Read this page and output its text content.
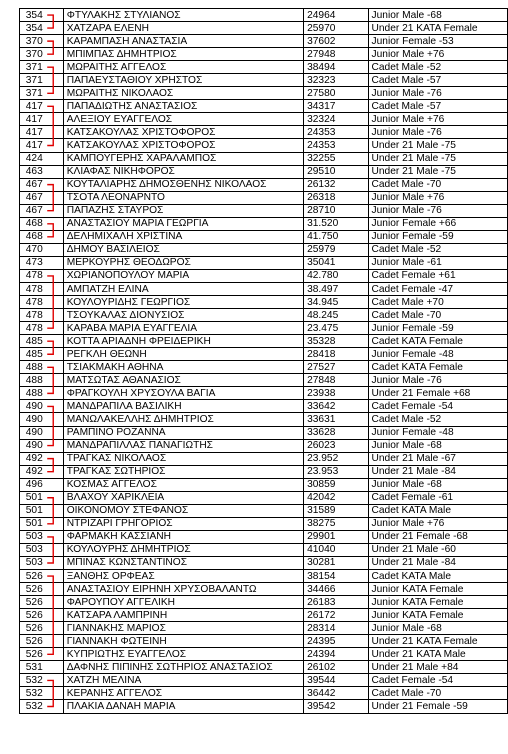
354	ΦΤΥΛΑΚΗΣ ΣΤΥΛΙΑΝΟΣ	24964	Junior Male -68
354	ΧΑΤΖΑΡΑ ΕΛΕΝΗ	25970	Under 21 KATA Female
370	ΚΑΡΑΜΠΑΣΗ ΑΝΑΣΤΑΣΙΑ	37602	Junior Female -53
370	ΜΠΙΜΠΑΣ ΔΗΜΗΤΡΙΟΣ	27948	Junior Male +76
371	ΜΩΡΑΙΤΗΣ ΑΓΓΕΛΟΣ	38494	Cadet Male -52
371	ΠΑΠΑΕΥΣΤΑΘΙΟΥ ΧΡΗΣΤΟΣ	32323	Cadet Male -57
371	ΜΩΡΑΙΤΗΣ ΝΙΚΟΛΑΟΣ	27580	Junior Male -76
417	ΠΑΠΑΔΙΩΤΗΣ ΑΝΑΣΤΑΣΙΟΣ	34317	Cadet Male -57
417	ΑΛΕΞΙΟΥ ΕΥΑΓΓΕΛΟΣ	32324	Junior Male +76
417	ΚΑΤΣΑΚΟΥΛΑΣ ΧΡΙΣΤΟΦΟΡΟΣ	24353	Junior Male -76
417	ΚΑΤΣΑΚΟΥΛΑΣ ΧΡΙΣΤΟΦΟΡΟΣ	24353	Under 21 Male -75
424	ΚΑΜΠΟΥΓΕΡΗΣ ΧΑΡΑΛΑΜΠΟΣ	32255	Under 21 Male -75
463	ΚΛΙΑΦΑΣ ΝΙΚΗΦΟΡΟΣ	29510	Under 21 Male -75
467	ΚΟΥΤΑΛΙΑΡΗΣ ΔΗΜΟΣΘΕΝΗΣ ΝΙΚΟΛΑΟΣ	26132	Cadet Male -70
467	ΤΣΟΤΑ ΛΕΟΝΑΡΝΤΟ	26318	Junior Male +76
467	ΠΑΠΑΖΗΣ ΣΤΑΥΡΟΣ	28710	Junior Male -76
468	ΑΝΑΣΤΑΣΙΟΥ ΜΑΡΙΑ ΓΕΩΡΓΙΑ	31.520	Junior Female +66
468	ΔΕΛΗΜΙΧΑΛΗ ΧΡΙΣΤΙΝΑ	41.750	Junior Female -59
470	ΔΗΜΟΥ ΒΑΣΙΛΕΙΟΣ	25979	Cadet Male -52
473	ΜΕΡΚΟΥΡΗΣ ΘΕΟΔΩΡΟΣ	35041	Junior Male -61
478	ΧΩΡΙΑΝΟΠΟΥΛΟΥ ΜΑΡΙΑ	42.780	Cadet Female +61
478	ΑΜΠΑΤΖΗ ΕΛΙΝΑ	38.497	Cadet Female -47
478	ΚΟΥΛΟΥΡΙΔΗΣ ΓΕΩΡΓΙΟΣ	34.945	Cadet Male +70
478	ΤΣΟΥΚΑΛΑΣ ΔΙΟΝΥΣΙΟΣ	48.245	Cadet Male -70
478	ΚΑΡΑΒΑ ΜΑΡΙΑ ΕΥΑΓΓΕΛΙΑ	23.475	Junior Female -59
485	ΚΟΤΤΑ ΑΡΙΑΔΝΗ ΦΡΕΙΔΕΡΙΚΗ	35328	Cadet KATA Female
485	ΡΕΓΚΛΗ ΘΕΩΝΗ	28418	Junior Female -48
488	ΤΣΙΑΚΜΑΚΗ ΑΘΗΝΑ	27527	Cadet KATA Female
488	ΜΑΤΣΩΤΑΣ ΑΘΑΝΑΣΙΟΣ	27848	Junior Male -76
488	ΦΡΑΓΚΟΥΛΗ ΧΡΥΣΟΥΛΑ ΒΑΓΙΑ	23938	Under 21 Female +68
490	ΜΑΝΔΡΑΠΙΛΑ ΒΑΣΙΛΙΚΗ	33642	Cadet Female -54
490	ΜΑΝΩΛΑΚΕΛΛΗΣ ΔΗΜΗΤΡΙΟΣ	33631	Cadet Male -52
490	ΡΑΜΠΙΝΟ ΡΟΖΑΝΝΑ	33628	Junior Female -48
490	ΜΑΝΔΡΑΠΙΛΛΑΣ ΠΑΝΑΓΙΩΤΗΣ	26023	Junior Male -68
492	ΤΡΑΓΚΑΣ ΝΙΚΟΛΑΟΣ	23.952	Under 21 Male -67
492	ΤΡΑΓΚΑΣ ΣΩΤΗΡΙΟΣ	23.953	Under 21 Male -84
496	ΚΟΣΜΑΣ ΑΓΓΕΛΟΣ	30859	Junior Male -68
501	ΒΛΑΧΟΥ ΧΑΡΙΚΛΕΙΑ	42042	Cadet Female -61
501	ΟΙΚΟΝΟΜΟΥ ΣΤΕΦΑΝΟΣ	31589	Cadet KATA Male
501	ΝΤΡΙΖΑΡΙ ΓΡΗΓΟΡΙΟΣ	38275	Junior Male +76
503	ΦΑΡΜΑΚΗ ΚΑΣΣΙΑΝΗ	29901	Under 21 Female -68
503	ΚΟΥΛΟΥΡΗΣ ΔΗΜΗΤΡΙΟΣ	41040	Under 21 Male -60
503	ΜΠΙΝΑΣ ΚΩΝΣΤΑΝΤΙΝΟΣ	30281	Under 21 Male -84
526	ΞΑΝΘΗΣ ΟΡΦΕΑΣ	38154	Cadet KATA Male
526	ΑΝΑΣΤΑΣΙΟΥ ΕΙΡΗΝΗ ΧΡΥΣΟΒΑΛΑΝΤΩ	34466	Junior KATA Female
526	ΦΑΡΟΥΠΟΥ ΑΓΓΕΛΙΚΗ	26183	Junior KATA Female
526	ΚΑΤΣΑΡΑ ΛΑΜΠΡΙΝΗ	26172	Junior KATA Female
526	ΓΙΑΝΝΑΚΗΣ ΜΑΡΙΟΣ	28314	Junior Male -68
526	ΓΙΑΝΝΑΚΗ ΦΩΤΕΙΝΗ	24395	Under 21 KATA Female
526	ΚΥΠΡΙΩΤΗΣ ΕΥΑΓΓΕΛΟΣ	24394	Under 21 KATA Male
531	ΔΑΦΝΗΣ ΠΙΠΙΝΗΣ ΣΩΤΗΡΙΟΣ ΑΝΑΣΤΑΣΙΟΣ	26102	Under 21 Male +84
532	ΧΑΤΖΗ ΜΕΛΙΝΑ	39544	Cadet Female -54
532	ΚΕΡΑΝΗΣ ΑΓΓΕΛΟΣ	36442	Cadet Male -70
532	ΠΛΑΚΙΑ ΔΑΝΑΗ ΜΑΡΙΑ	39542	Under 21 Female -59
